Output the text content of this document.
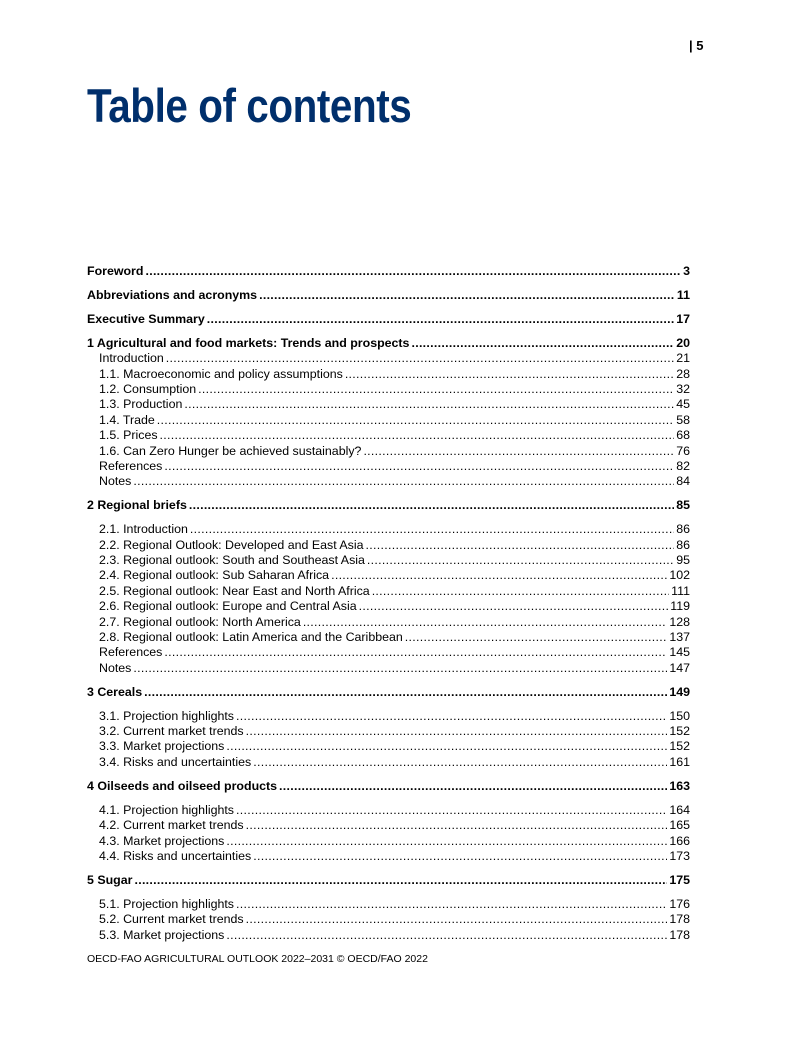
| 5
Table of contents
Foreword .....	3
Abbreviations and acronyms .....	11
Executive Summary .....	17
1 Agricultural and food markets: Trends and prospects .....	20
Introduction .....	21
1.1. Macroeconomic and policy assumptions .....	28
1.2. Consumption .....	32
1.3. Production .....	45
1.4. Trade .....	58
1.5. Prices .....	68
1.6. Can Zero Hunger be achieved sustainably? .....	76
References .....	82
Notes .....	84
2 Regional briefs .....	85
2.1. Introduction .....	86
2.2. Regional Outlook: Developed and East Asia .....	86
2.3. Regional outlook: South and Southeast Asia .....	95
2.4. Regional outlook: Sub Saharan Africa .....	102
2.5. Regional outlook: Near East and North Africa .....	111
2.6. Regional outlook: Europe and Central Asia .....	119
2.7. Regional outlook: North America .....	128
2.8. Regional outlook: Latin America and the Caribbean .....	137
References .....	145
Notes .....	147
3 Cereals .....	149
3.1. Projection highlights .....	150
3.2. Current market trends .....	152
3.3. Market projections .....	152
3.4. Risks and uncertainties .....	161
4 Oilseeds and oilseed products .....	163
4.1. Projection highlights .....	164
4.2. Current market trends .....	165
4.3. Market projections .....	166
4.4. Risks and uncertainties .....	173
5 Sugar .....	175
5.1. Projection highlights .....	176
5.2. Current market trends .....	178
5.3. Market projections .....	178
OECD-FAO AGRICULTURAL OUTLOOK 2022–2031 © OECD/FAO 2022
